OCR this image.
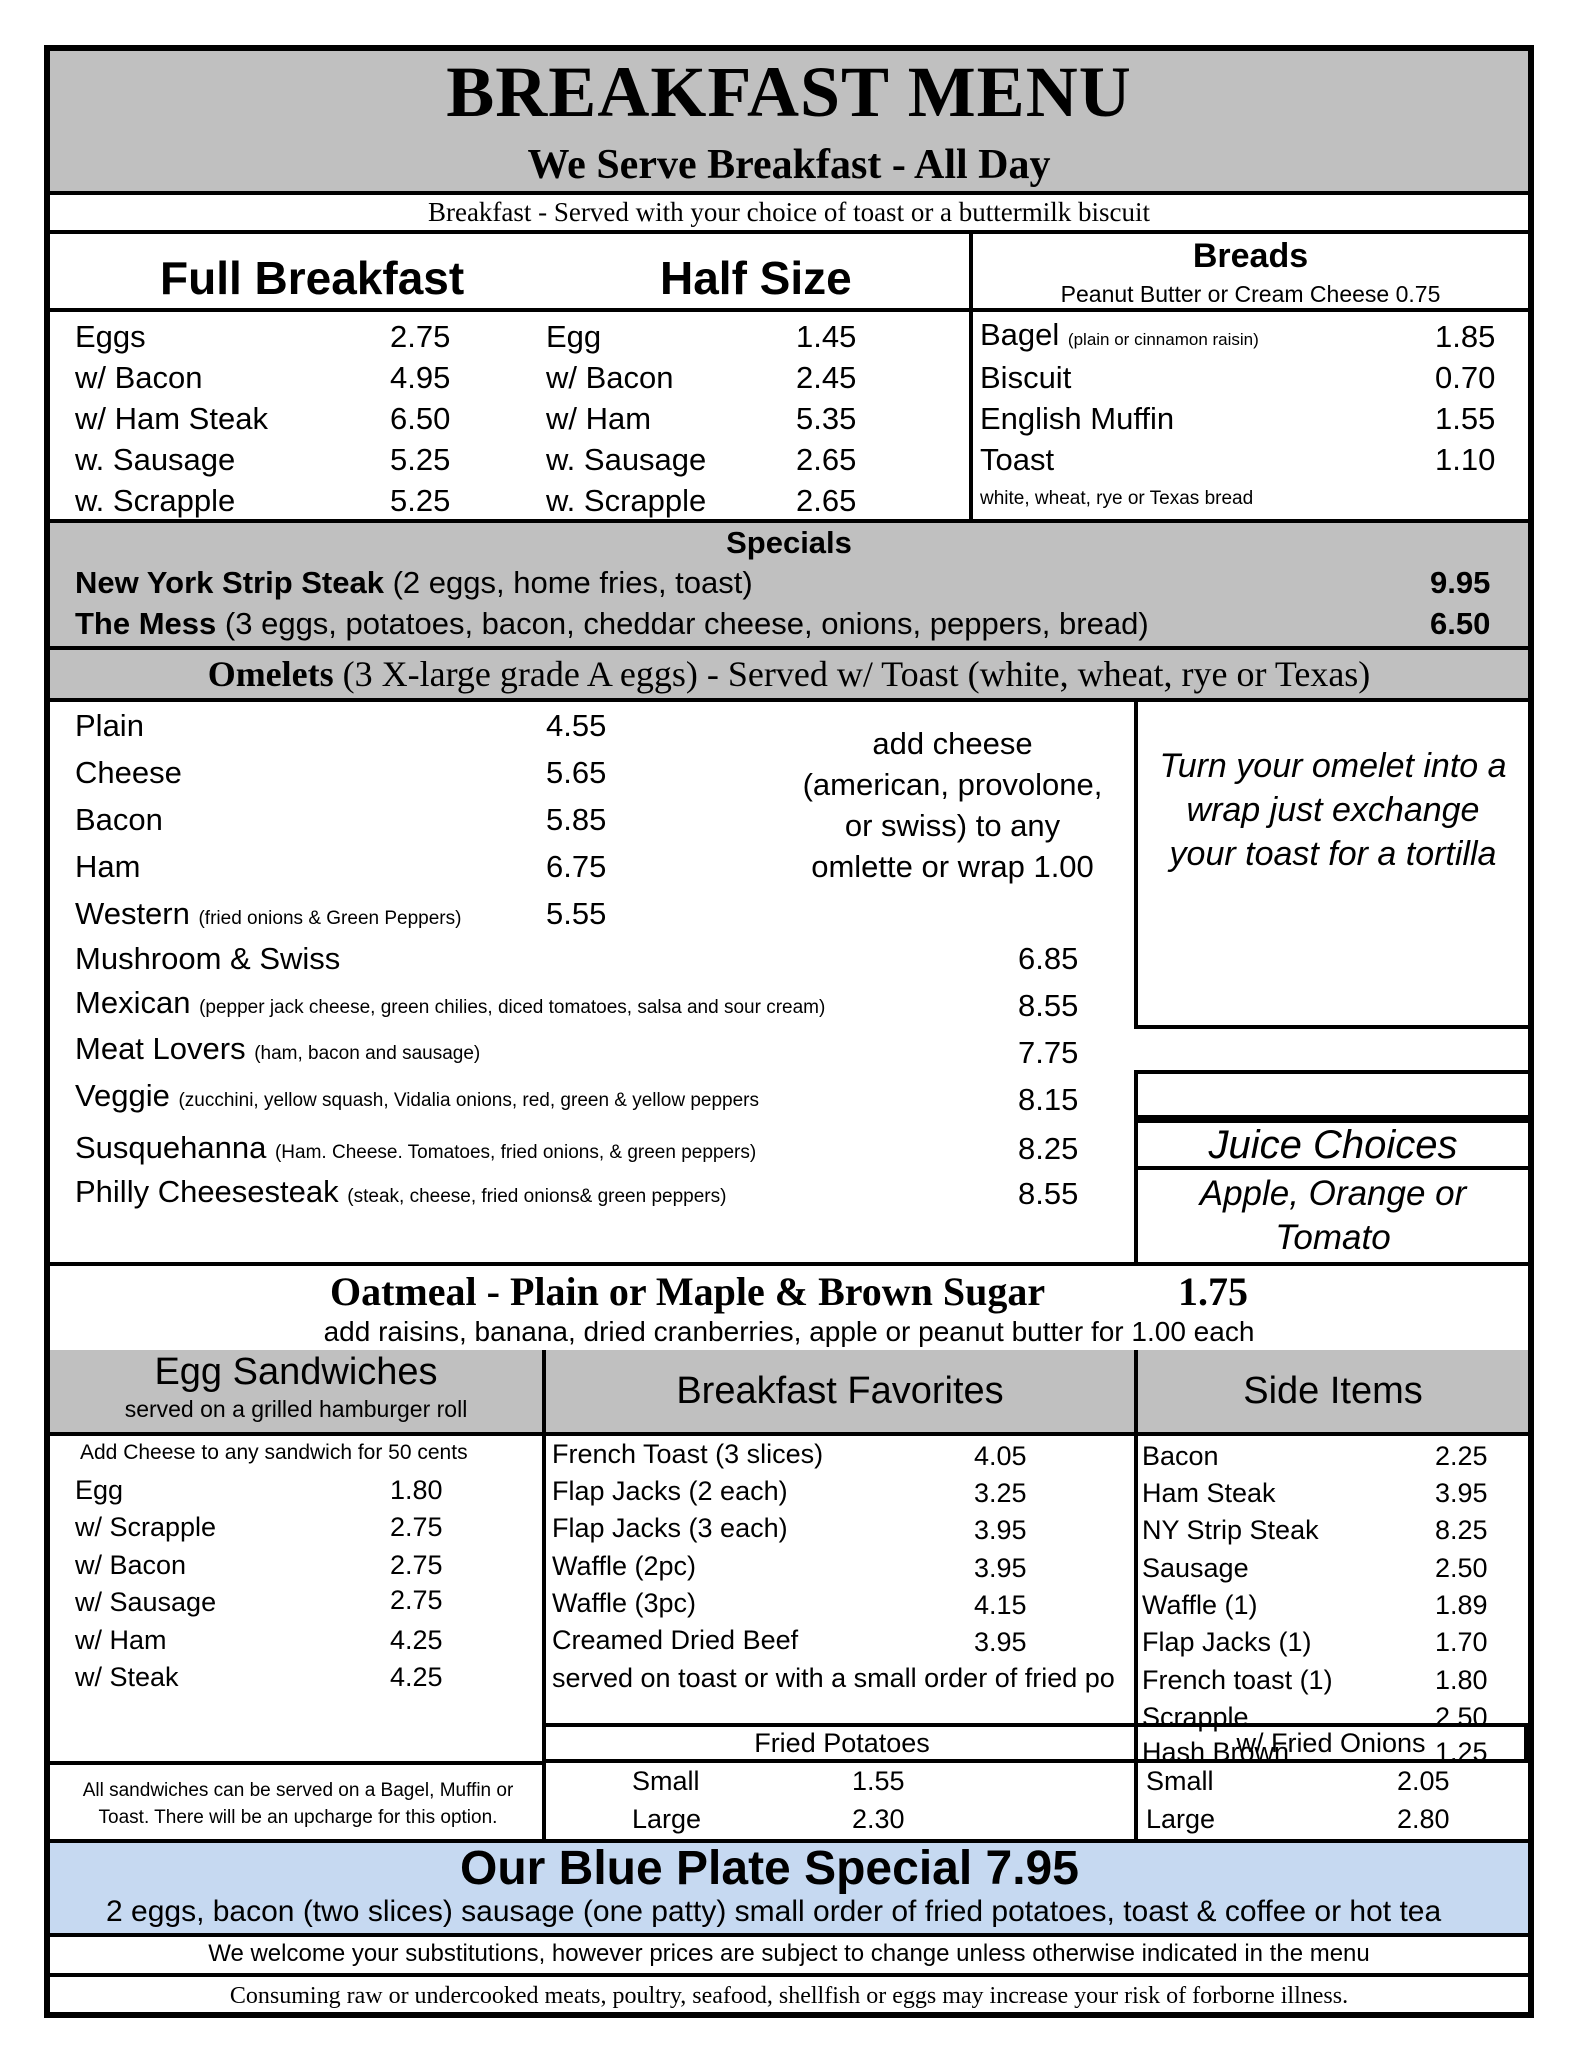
BREAKFAST MENU
We Serve Breakfast - All Day
Breakfast - Served with your choice of toast or a buttermilk biscuit
Full Breakfast	Half Size	Breads
Peanut Butter or Cream Cheese 0.75
Eggs	2.75
w/ Bacon	4.95
w/ Ham Steak	6.50
w. Sausage	5.25
w. Scrapple	5.25
Egg	1.45
w/ Bacon	2.45
w/ Ham	5.35
w. Sausage	2.65
w. Scrapple	2.65
Bagel (plain or cinnamon raisin)	1.85
Biscuit	0.70
English Muffin	1.55
Toast	1.10
white, wheat, rye or Texas bread
Specials
New York Strip Steak (2 eggs, home fries, toast)	9.95
The Mess (3 eggs, potatoes, bacon, cheddar cheese, onions, peppers, bread)	6.50
Omelets (3 X-large grade A eggs) - Served w/ Toast (white, wheat, rye or Texas)
Plain	4.55
Cheese	5.65
Bacon	5.85
Ham	6.75
Western (fried onions & Green Peppers)	5.55
Mushroom & Swiss	6.85
Mexican (pepper jack cheese, green chilies, diced tomatoes, salsa and sour cream)	8.55
Meat Lovers (ham, bacon and sausage)	7.75
Veggie (zucchini, yellow squash, Vidalia onions, red, green & yellow peppers	8.15
Susquehanna (Ham. Cheese. Tomatoes, fried onions, & green peppers)	8.25
Philly Cheesesteak (steak, cheese, fried onions& green peppers)	8.55
add cheese
(american, provolone,
or swiss) to any
omlette or wrap 1.00
Turn your omelet into a
wrap just exchange
your toast for a tortilla
Juice Choices
Apple, Orange or
Tomato
Oatmeal - Plain or Maple & Brown Sugar	1.75
add raisins, banana, dried cranberries, apple or peanut butter for 1.00 each
Egg Sandwiches
served on a grilled hamburger roll	Breakfast Favorites	Side Items
Add Cheese to any sandwich for 50 cents
Egg	1.80
w/ Scrapple	2.75
w/ Bacon	2.75
w/ Sausage	2.75
w/ Ham	4.25
w/ Steak	4.25
All sandwiches can be served on a Bagel, Muffin or
Toast. There will be an upcharge for this option.
French Toast (3 slices)	4.05
Flap Jacks (2 each)	3.25
Flap Jacks (3 each)	3.95
Waffle (2pc)	3.95
Waffle (3pc)	4.15
Creamed Dried Beef	3.95
served on toast or with a small order of fried po
Bacon	2.25
Ham Steak	3.95
NY Strip Steak	8.25
Sausage	2.50
Waffle (1)	1.89
Flap Jacks (1)	1.70
French toast (1)	1.80
Scrapple	2.50
Hash Brown	1.25
Fried Potatoes	w/ Fried Onions
Small	1.55
Large	2.30
Small	2.05
Large	2.80
Our Blue Plate Special 7.95
2 eggs, bacon (two slices) sausage (one patty) small order of fried potatoes, toast & coffee or hot tea
We welcome your substitutions, however prices are subject to change unless otherwise indicated in the menu
Consuming raw or undercooked meats, poultry, seafood, shellfish or eggs may increase your risk of forborne illness.
